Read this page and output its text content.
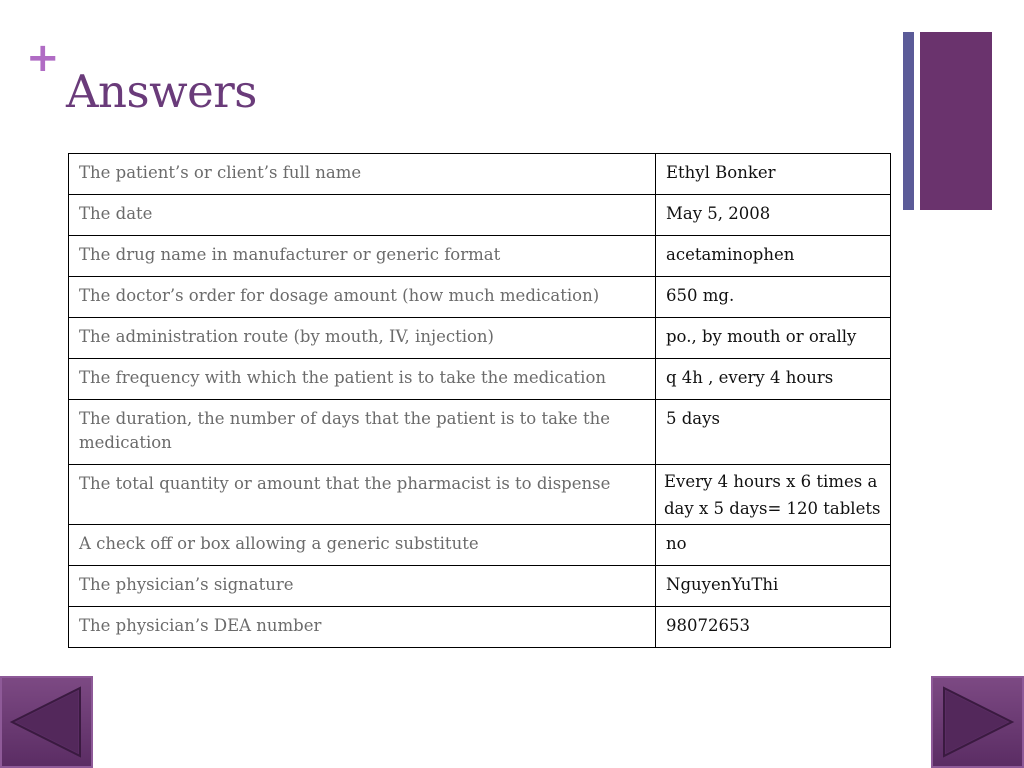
+
Answers
The patient’s or client’s full name	Ethyl Bonker
The date	May 5, 2008
The drug name in manufacturer or generic format	acetaminophen
The doctor’s order for dosage amount (how much medication)	650 mg.
The administration route (by mouth, IV, injection)	po., by mouth or orally
The frequency with which the patient is to take the medication	q 4h , every 4 hours
The duration, the number of days that the patient is to take the medication	5 days
The total quantity or amount that the pharmacist is to dispense	Every 4 hours x 6 times a day x 5 days= 120 tablets
A check off or box allowing a generic substitute	no
The physician’s signature	NguyenYuThi
The physician’s DEA number	98072653
